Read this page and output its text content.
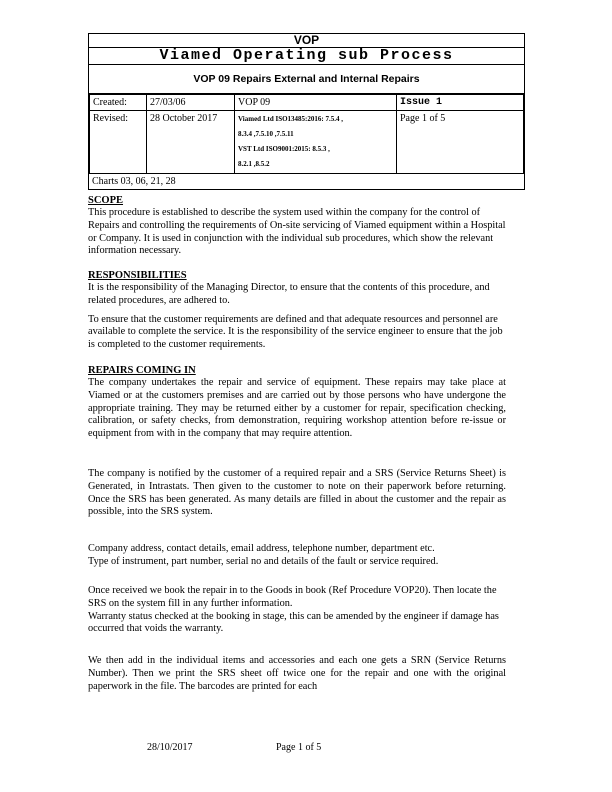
VOP
Viamed Operating sub Process
VOP 09 Repairs External and Internal Repairs
Created:	27/03/06	VOP 09	Issue 1
Revised:	28 October 2017	Viamed Ltd ISO13485:2016: 7.5.4 ,
8.3.4 ,7.5.10 ,7.5.11
VST Ltd ISO9001:2015: 8.5.3 ,
8.2.1 ,8.5.2	Page 1 of 5
Charts 03, 06, 21, 28
SCOPE

This procedure is established to describe the system used within the company for the control of Repairs and controlling the requirements of On-site servicing of Viamed equipment within a Hospital or Company. It is used in conjunction with the individual sub procedures, which show the relevant information necessary.

RESPONSIBILITIES

It is the responsibility of the Managing Director, to ensure that the contents of this procedure, and related procedures, are adhered to.

To ensure that the customer requirements are defined and that adequate resources and personnel are available to complete the service. It is the responsibility of the service engineer to ensure that the job is completed to the customer requirements.

REPAIRS COMING IN

The company undertakes the repair and service of equipment. These repairs may take place at Viamed or at the customers premises and are carried out by those persons who have undergone the appropriate training. They may be returned either by a customer for repair, specification checking, calibration, or safety checks, from demonstration, requiring workshop attention before re-issue or equipment from with in the company that may require attention.

The company is notified by the customer of a required repair and a SRS (Service Returns Sheet) is Generated, in Intrastats. Then given to the customer to note on their paperwork before returning. Once the SRS has been generated. As many details are filled in about the customer and the repair as possible, into the SRS system.

Company address, contact details, email address, telephone number, department etc.

Type of instrument, part number, serial no and details of the fault or service required.

Once received we book the repair in to the Goods in book (Ref Procedure VOP20). Then locate the SRS on the system fill in any further information.

Warranty status checked at the booking in stage, this can be amended by the engineer if damage has occurred that voids the warranty.

We then add in the individual items and accessories and each one gets a SRN (Service Returns Number). Then we print the SRS sheet off twice one for the repair and one with the original paperwork in the file. The barcodes are printed for each

28/10/2017	Page 1 of 5
